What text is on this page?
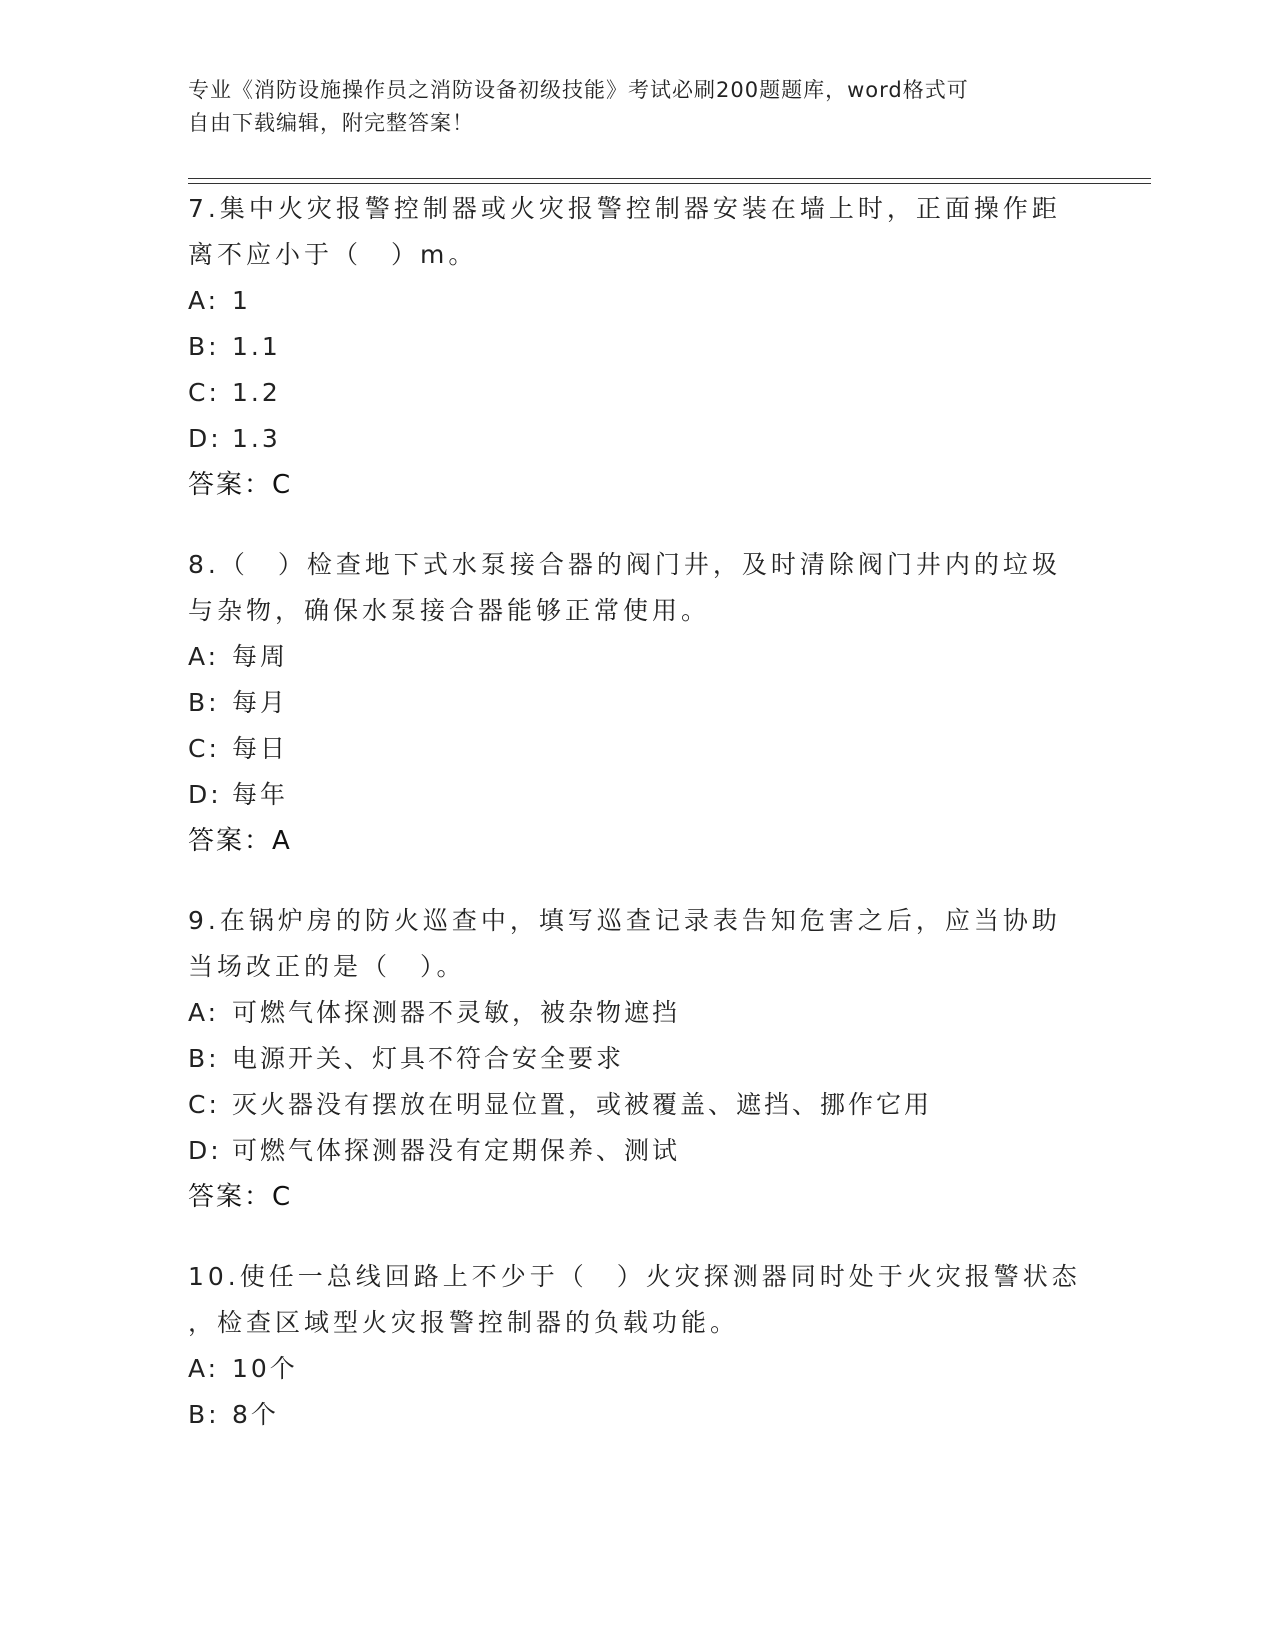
专业《消防设施操作员之消防设备初级技能》考试必刷200题题库，word格式可
自由下载编辑，附完整答案！
7.集中火灾报警控制器或火灾报警控制器安装在墙上时，正面操作距
离不应小于（　）m。
A: 1
B: 1.1
C: 1.2
D: 1.3
答案：C
8.（　）检查地下式水泵接合器的阀门井，及时清除阀门井内的垃圾
与杂物，确保水泵接合器能够正常使用。
A: 每周
B: 每月
C: 每日
D: 每年
答案：A
9.在锅炉房的防火巡查中，填写巡查记录表告知危害之后，应当协助
当场改正的是（　）。
A: 可燃气体探测器不灵敏，被杂物遮挡
B: 电源开关、灯具不符合安全要求
C: 灭火器没有摆放在明显位置，或被覆盖、遮挡、挪作它用
D: 可燃气体探测器没有定期保养、测试
答案：C
10.使任一总线回路上不少于（　）火灾探测器同时处于火灾报警状态
，检查区域型火灾报警控制器的负载功能。
A: 10个
B: 8个
